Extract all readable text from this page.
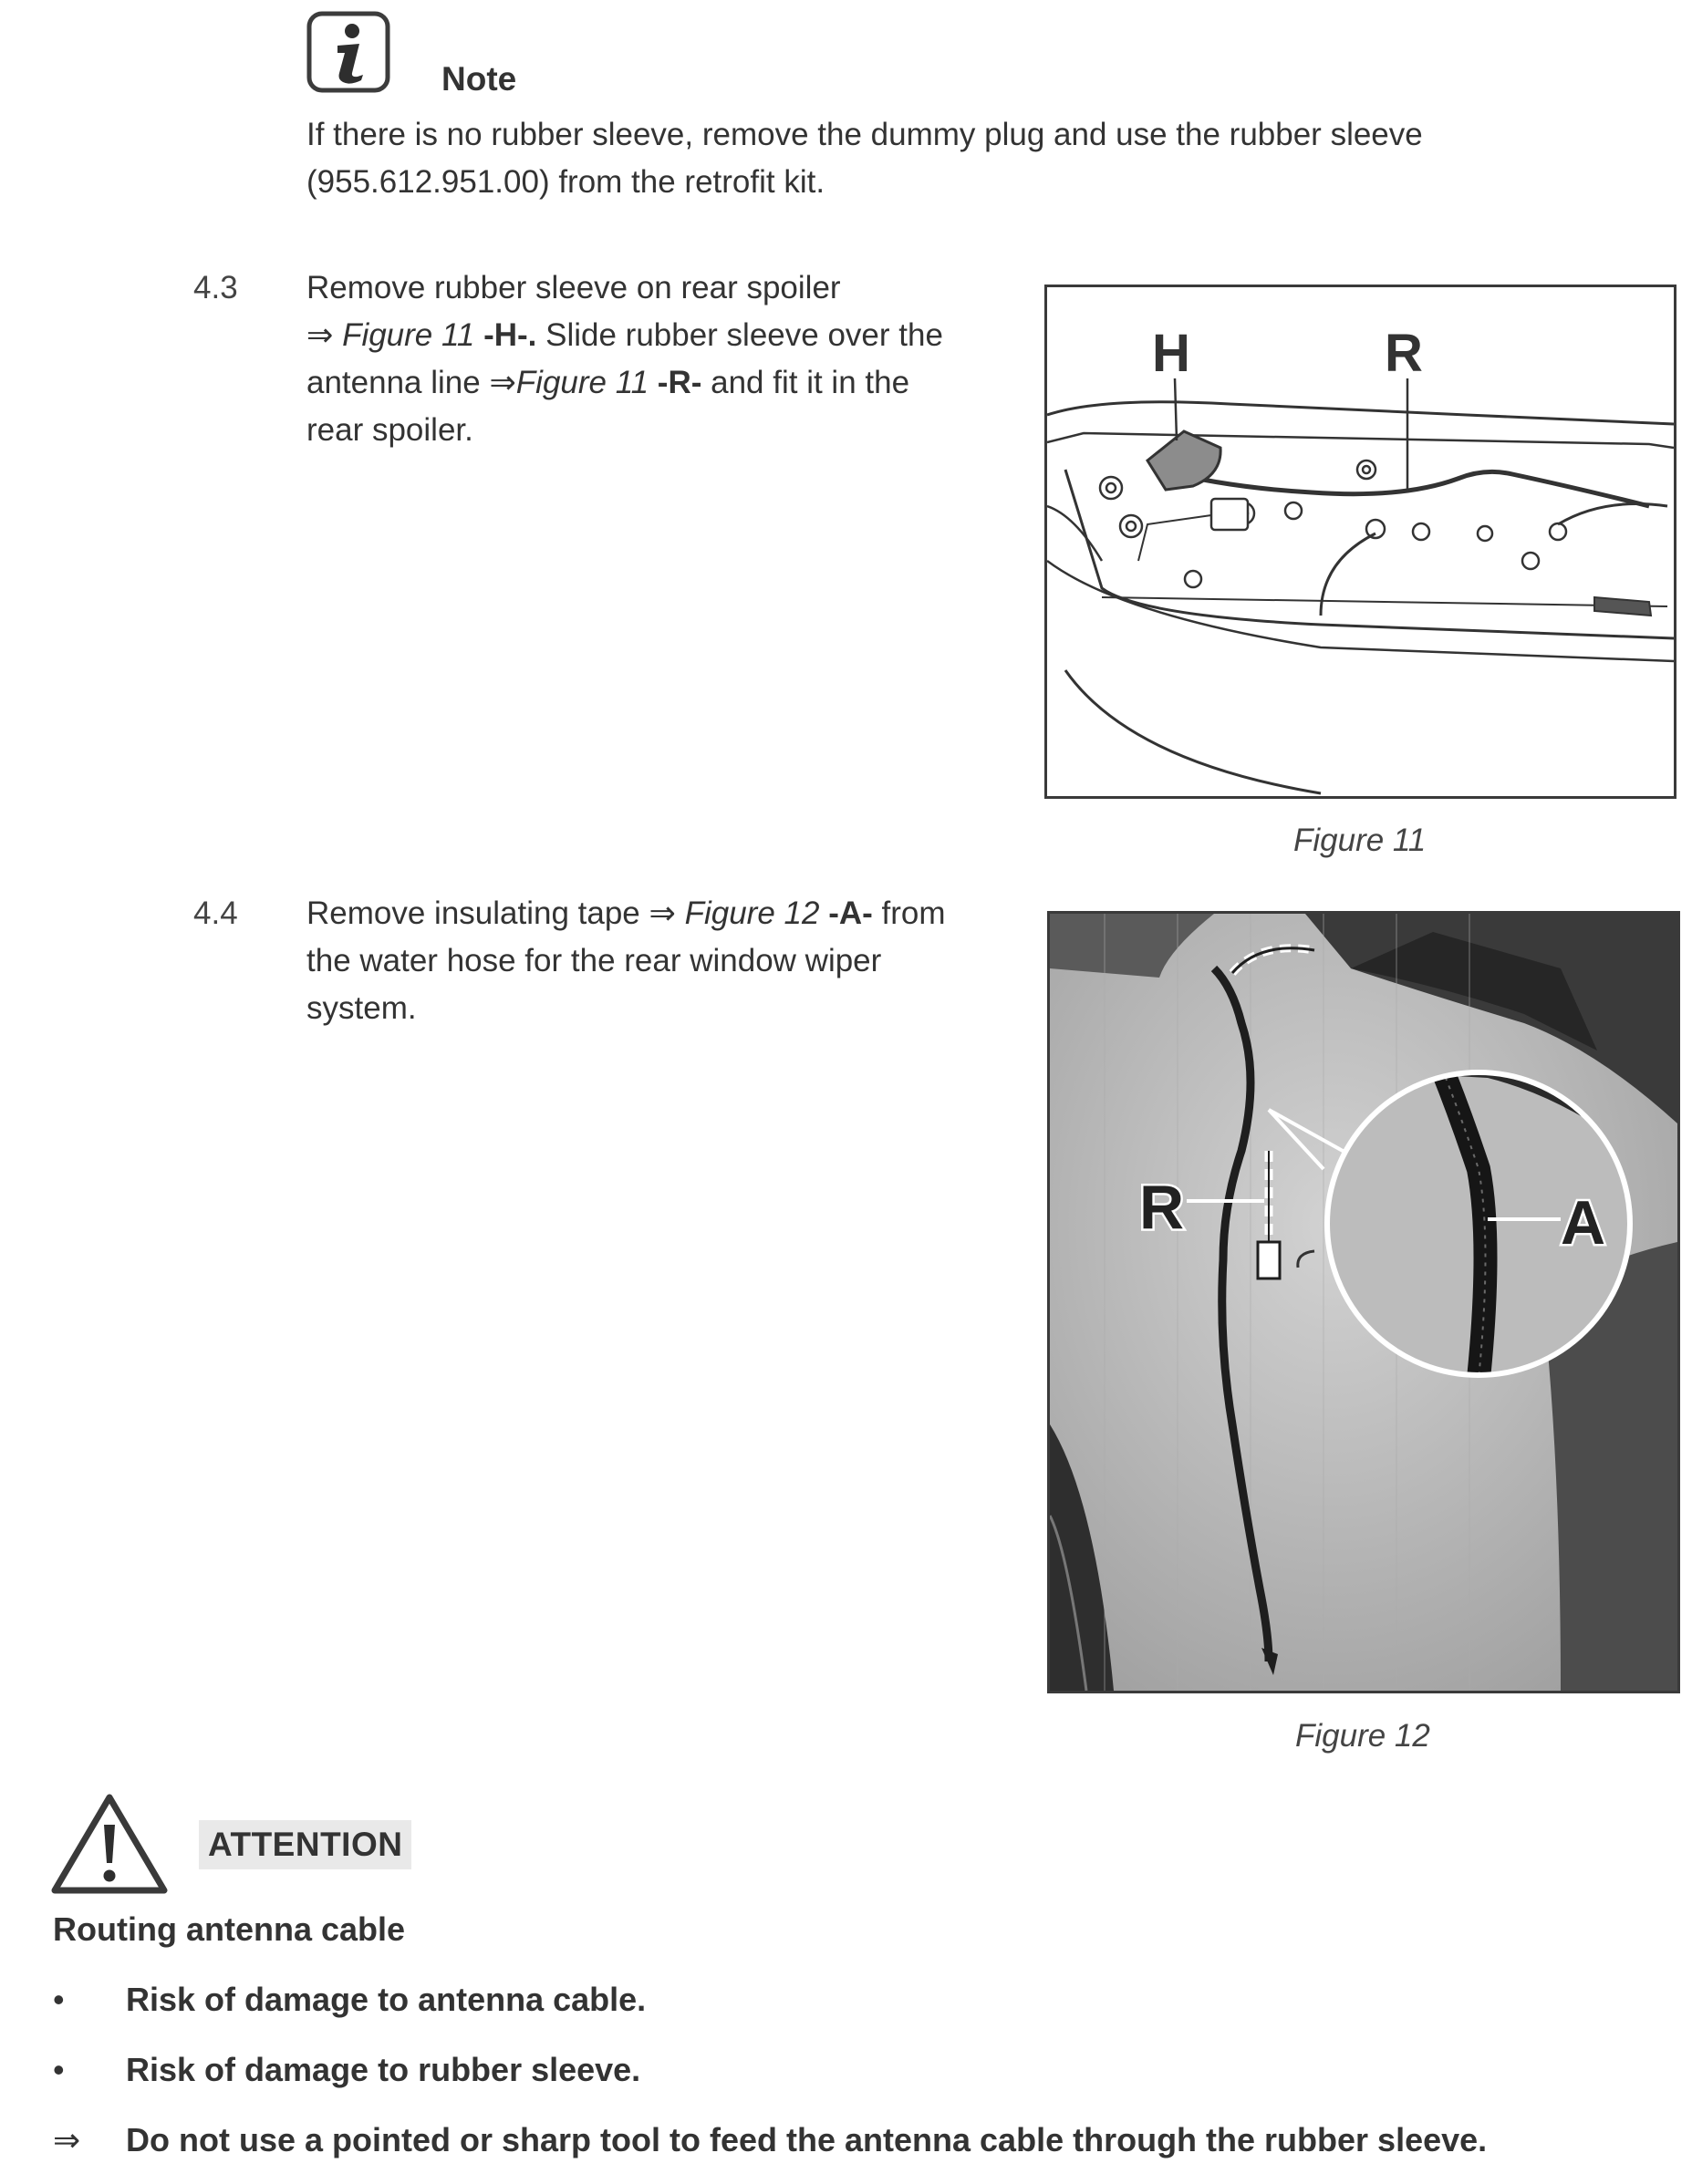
Note
If there is no rubber sleeve, remove the dummy plug and use the rubber sleeve
(955.612.951.00) from the retrofit kit.
4.3 Remove rubber sleeve on rear spoiler
⇒ Figure 11 -H-. Slide rubber sleeve over the
antenna line ⇒Figure 11 -R- and fit it in the
rear spoiler.
H	R
Figure 11
4.4 Remove insulating tape ⇒ Figure 12 -A- from
the water hose for the rear window wiper
system.
R	A
Figure 12
ATTENTION
Routing antenna cable
• Risk of damage to antenna cable.
• Risk of damage to rubber sleeve.
⇒ Do not use a pointed or sharp tool to feed the antenna cable through the rubber sleeve.
